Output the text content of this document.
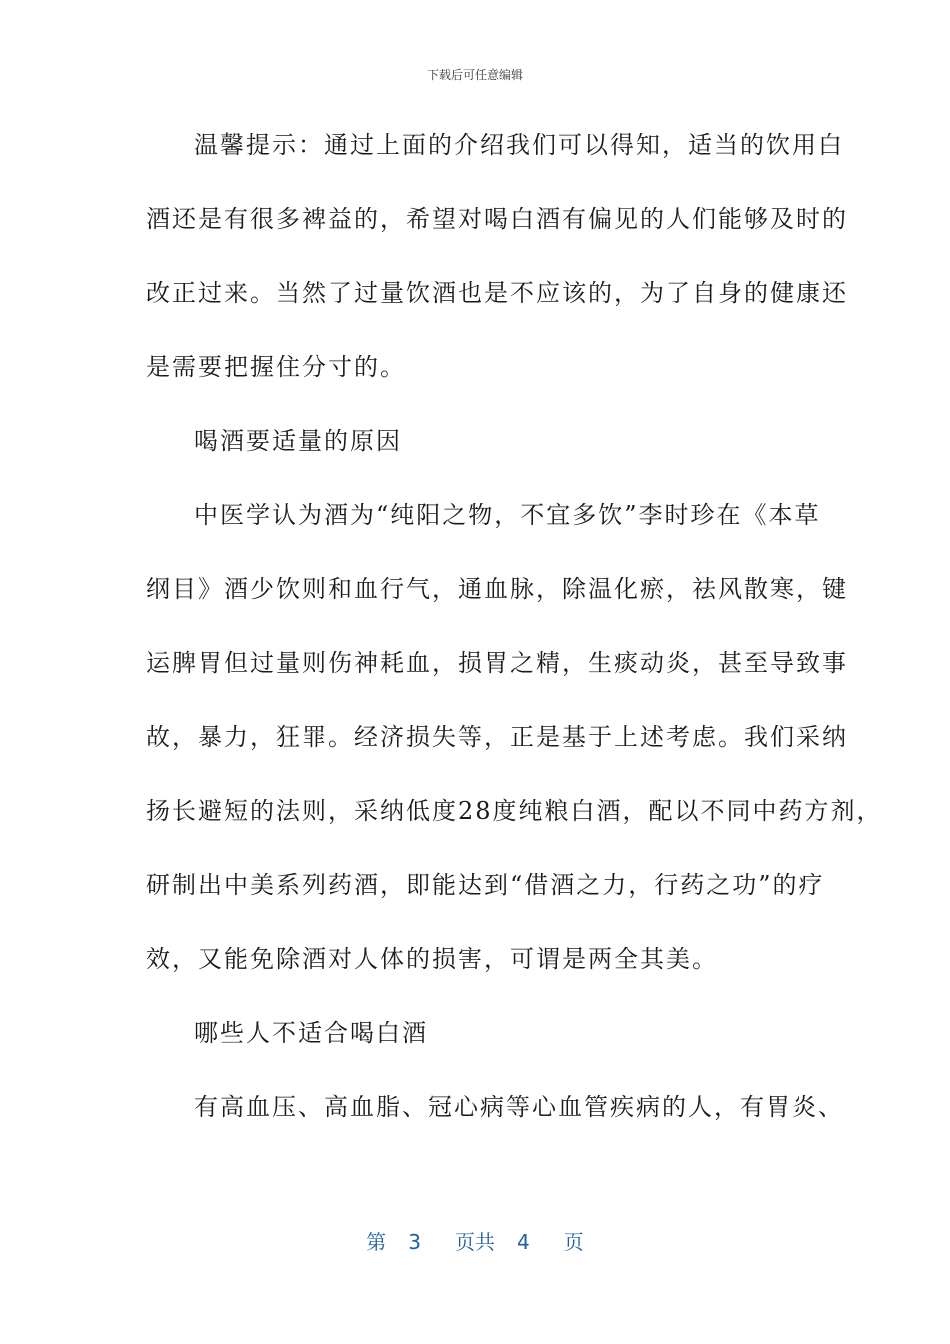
下载后可任意编辑
温馨提示：通过上面的介绍我们可以得知，适当的饮用白
酒还是有很多裨益的，希望对喝白酒有偏见的人们能够及时的
改正过来。当然了过量饮酒也是不应该的，为了自身的健康还
是需要把握住分寸的。
喝酒要适量的原因
中医学认为酒为“纯阳之物，不宜多饮”李时珍在《本草
纲目》酒少饮则和血行气，通血脉，除温化瘀，祛风散寒，键
运脾胃但过量则伤神耗血，损胃之精，生痰动炎，甚至导致事
故，暴力，狂罪。经济损失等，正是基于上述考虑。我们采纳
扬长避短的法则，采纳低度28度纯粮白酒，配以不同中药方剂，
研制出中美系列药酒，即能达到“借酒之力，行药之功”的疗
效，又能免除酒对人体的损害，可谓是两全其美。
哪些人不适合喝白酒
有高血压、高血脂、冠心病等心血管疾病的人，有胃炎、
第 3 页共 4 页
